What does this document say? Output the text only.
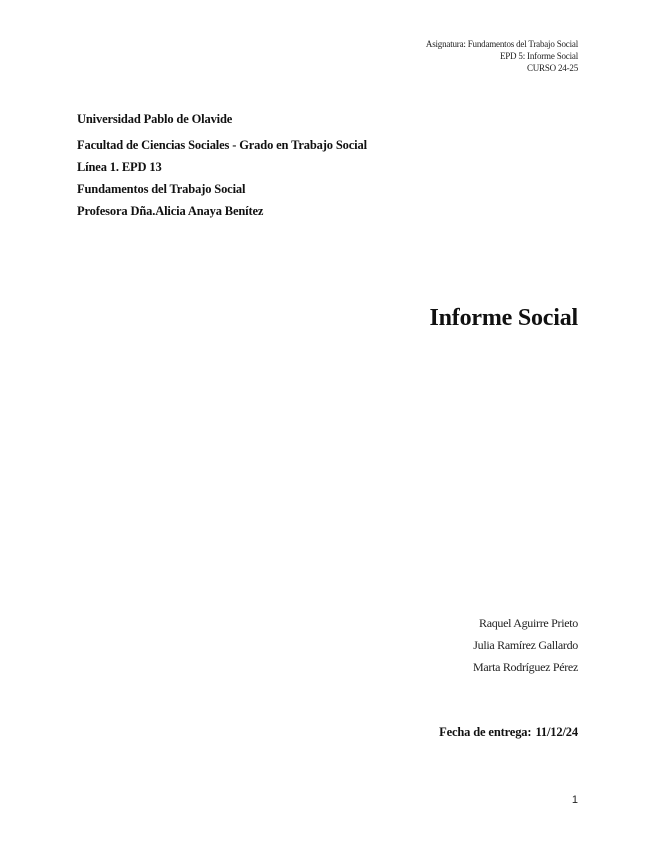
Asignatura: Fundamentos del Trabajo Social
EPD 5: Informe Social
CURSO 24-25
Universidad Pablo de Olavide
Facultad de Ciencias Sociales - Grado en Trabajo Social
Línea 1. EPD 13
Fundamentos del Trabajo Social
Profesora Dña.Alicia Anaya Benítez
Informe Social
Raquel Aguirre Prieto
Julia Ramírez Gallardo
Marta Rodríguez Pérez
Fecha de entrega: 11/12/24
1
